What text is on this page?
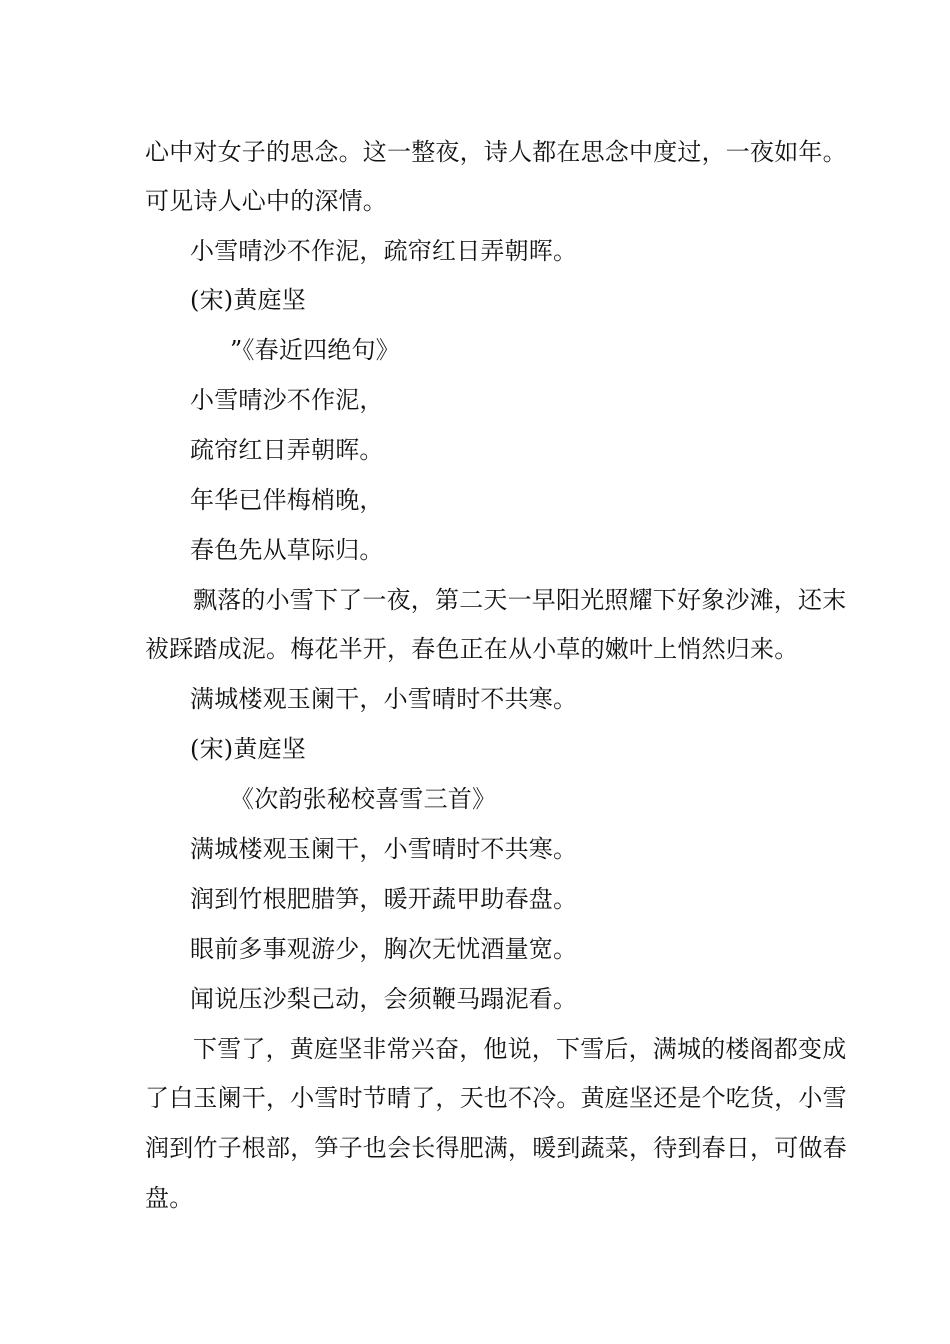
心中对女子的思念。这一整夜，诗人都在思念中度过，一夜如年。
可见诗人心中的深情。
小雪晴沙不作泥，疏帘红日弄朝晖。
(宋)黄庭坚
”《春近四绝句》
小雪晴沙不作泥，
疏帘红日弄朝晖。
年华已伴梅梢晚，
春色先从草际归。
飘落的小雪下了一夜，第二天一早阳光照耀下好象沙滩，还末
袚踩踏成泥。梅花半开，春色正在从小草的嫩叶上悄然归来。
满城楼观玉阑干，小雪晴时不共寒。
(宋)黄庭坚
《次韵张秘校喜雪三首》
满城楼观玉阑干，小雪晴时不共寒。
润到竹根肥腊笋，暖开蔬甲助春盘。
眼前多事观游少，胸次无忧酒量宽。
闻说压沙梨己动，会须鞭马蹋泥看。
下雪了，黄庭坚非常兴奋，他说，下雪后，满城的楼阁都变成
了白玉阑干，小雪时节晴了，天也不冷。黄庭坚还是个吃货，小雪
润到竹子根部，笋子也会长得肥满，暖到蔬菜，待到春日，可做春
盘。
